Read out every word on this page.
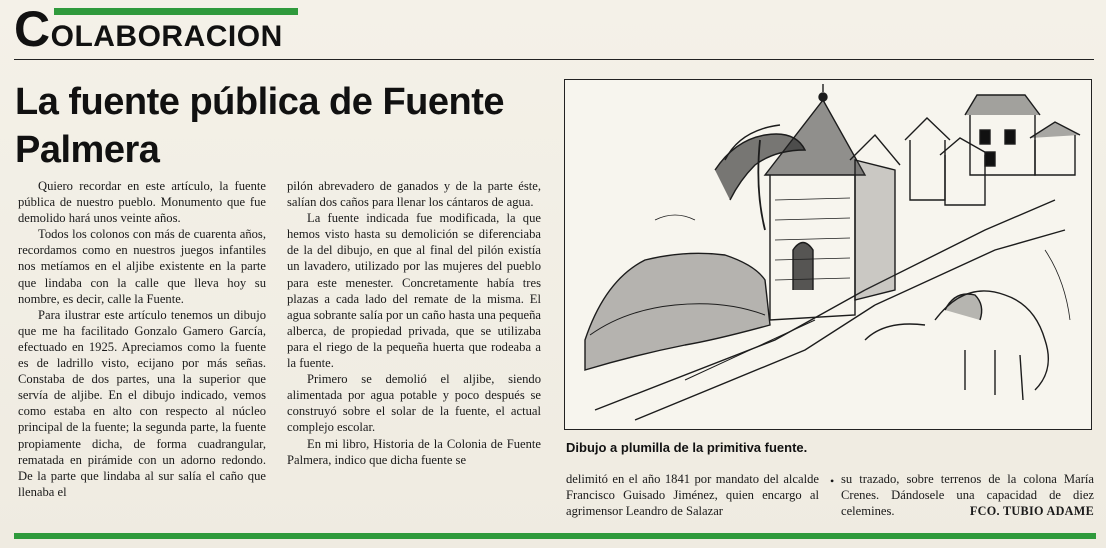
COLABORACION
La fuente pública de Fuente Palmera

Quiero recordar en este artículo, la fuente pública de nuestro pueblo. Monumento que fue demolido hará unos veinte años.

Todos los colonos con más de cuarenta años, recordamos como en nuestros juegos infantiles nos metíamos en el aljibe existente en la parte que lindaba con la calle que lleva hoy su nombre, es decir, calle la Fuente.

Para ilustrar este artículo tenemos un dibujo que me ha facilitado Gonzalo Gamero García, efectuado en 1925. Apreciamos como la fuente es de ladrillo visto, ecijano por más señas. Constaba de dos partes, una la superior que servía de aljibe. En el dibujo indicado, vemos como estaba en alto con respecto al núcleo principal de la fuente; la segunda parte, la fuente propiamente dicha, de forma cuadrangular, rematada en pirámide con un adorno redondo. De la parte que lindaba al sur salía el caño que llenaba el

pilón abrevadero de ganados y de la parte éste, salían dos caños para llenar los cántaros de agua.

La fuente indicada fue modificada, la que hemos visto hasta su demolición se diferenciaba de la del dibujo, en que al final del pilón existía un lavadero, utilizado por las mujeres del pueblo para este menester. Concretamente había tres plazas a cada lado del remate de la misma. El agua sobrante salía por un caño hasta una pequeña alberca, de propiedad privada, que se utilizaba para el riego de la pequeña huerta que rodeaba a la fuente.

Primero se demolió el aljibe, siendo alimentada por agua potable y poco después se construyó sobre el solar de la fuente, el actual complejo escolar.

En mi libro, Historia de la Colonia de Fuente Palmera, indico que dicha fuente se

Dibujo a plumilla de la primitiva fuente.

delimitó en el año 1841 por mandato del alcalde Francisco Guisado Jiménez, quien encargo al agrimensor Leandro de Salazar

• su trazado, sobre terrenos de la colona María Crenes. Dándosele una capacidad de diez celemines.	FCO. TUBIO ADAME
